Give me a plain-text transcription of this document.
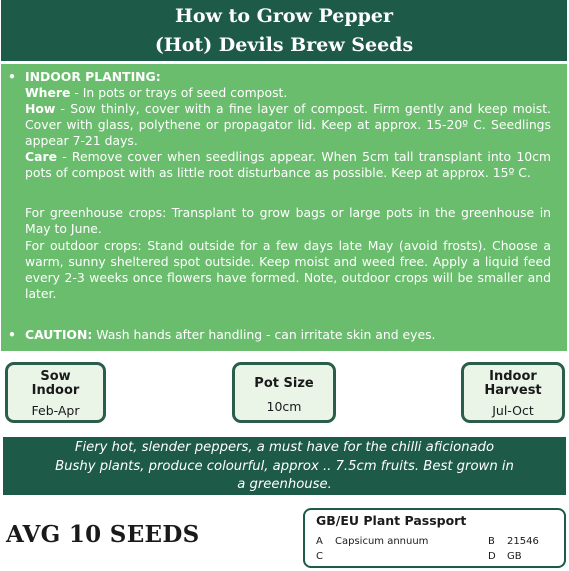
How to Grow Pepper
(Hot) Devils Brew Seeds
• INDOOR PLANTING:
Where - In pots or trays of seed compost.
How - Sow thinly, cover with a fine layer of compost. Firm gently and keep moist. Cover with glass, polythene or propagator lid. Keep at approx. 15-20º C. Seedlings appear 7-21 days.
Care - Remove cover when seedlings appear. When 5cm tall transplant into 10cm pots of compost with as little root disturbance as possible. Keep at approx. 15º C.
For greenhouse crops: Transplant to grow bags or large pots in the greenhouse in May to June.
For outdoor crops: Stand outside for a few days late May (avoid frosts). Choose a warm, sunny sheltered spot outside. Keep moist and weed free. Apply a liquid feed every 2-3 weeks once flowers have formed. Note, outdoor crops will be smaller and later.
• CAUTION: Wash hands after handling - can irritate skin and eyes.
Sow
Indoor
Feb-Apr
Pot Size
10cm
Indoor
Harvest
Jul-Oct
Fiery hot, slender peppers, a must have for the chilli aficionado
Bushy plants, produce colourful, approx .. 7.5cm fruits. Best grown in
a greenhouse.
AVG 10 SEEDS
GB/EU Plant Passport
A Capsicum annuum	B 21546
C	D GB
